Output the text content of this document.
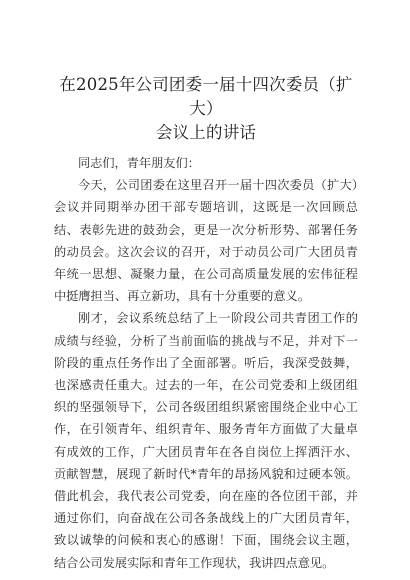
在2025年公司团委一届十四次委员（扩大）
会议上的讲话

同志们，青年朋友们：

今天，公司团委在这里召开一届十四次委员（扩大）会议并同期举办团干部专题培训，这既是一次回顾总结、表彰先进的鼓劲会，更是一次分析形势、部署任务的动员会。这次会议的召开，对于动员公司广大团员青年统一思想、凝聚力量，在公司高质量发展的宏伟征程中挺膺担当、再立新功，具有十分重要的意义。

刚才，会议系统总结了上一阶段公司共青团工作的成绩与经验，分析了当前面临的挑战与不足，并对下一阶段的重点任务作出了全面部署。听后，我深受鼓舞，也深感责任重大。过去的一年，在公司党委和上级团组织的坚强领导下，公司各级团组织紧密围绕企业中心工作，在引领青年、组织青年、服务青年方面做了大量卓有成效的工作，广大团员青年在各自岗位上挥洒汗水、贡献智慧，展现了新时代*青年的昂扬风貌和过硬本领。借此机会，我代表公司党委，向在座的各位团干部，并通过你们，向奋战在公司各条战线上的广大团员青年，致以诚挚的问候和衷心的感谢！下面，围绕会议主题，结合公司发展实际和青年工作现状，我讲四点意见。
